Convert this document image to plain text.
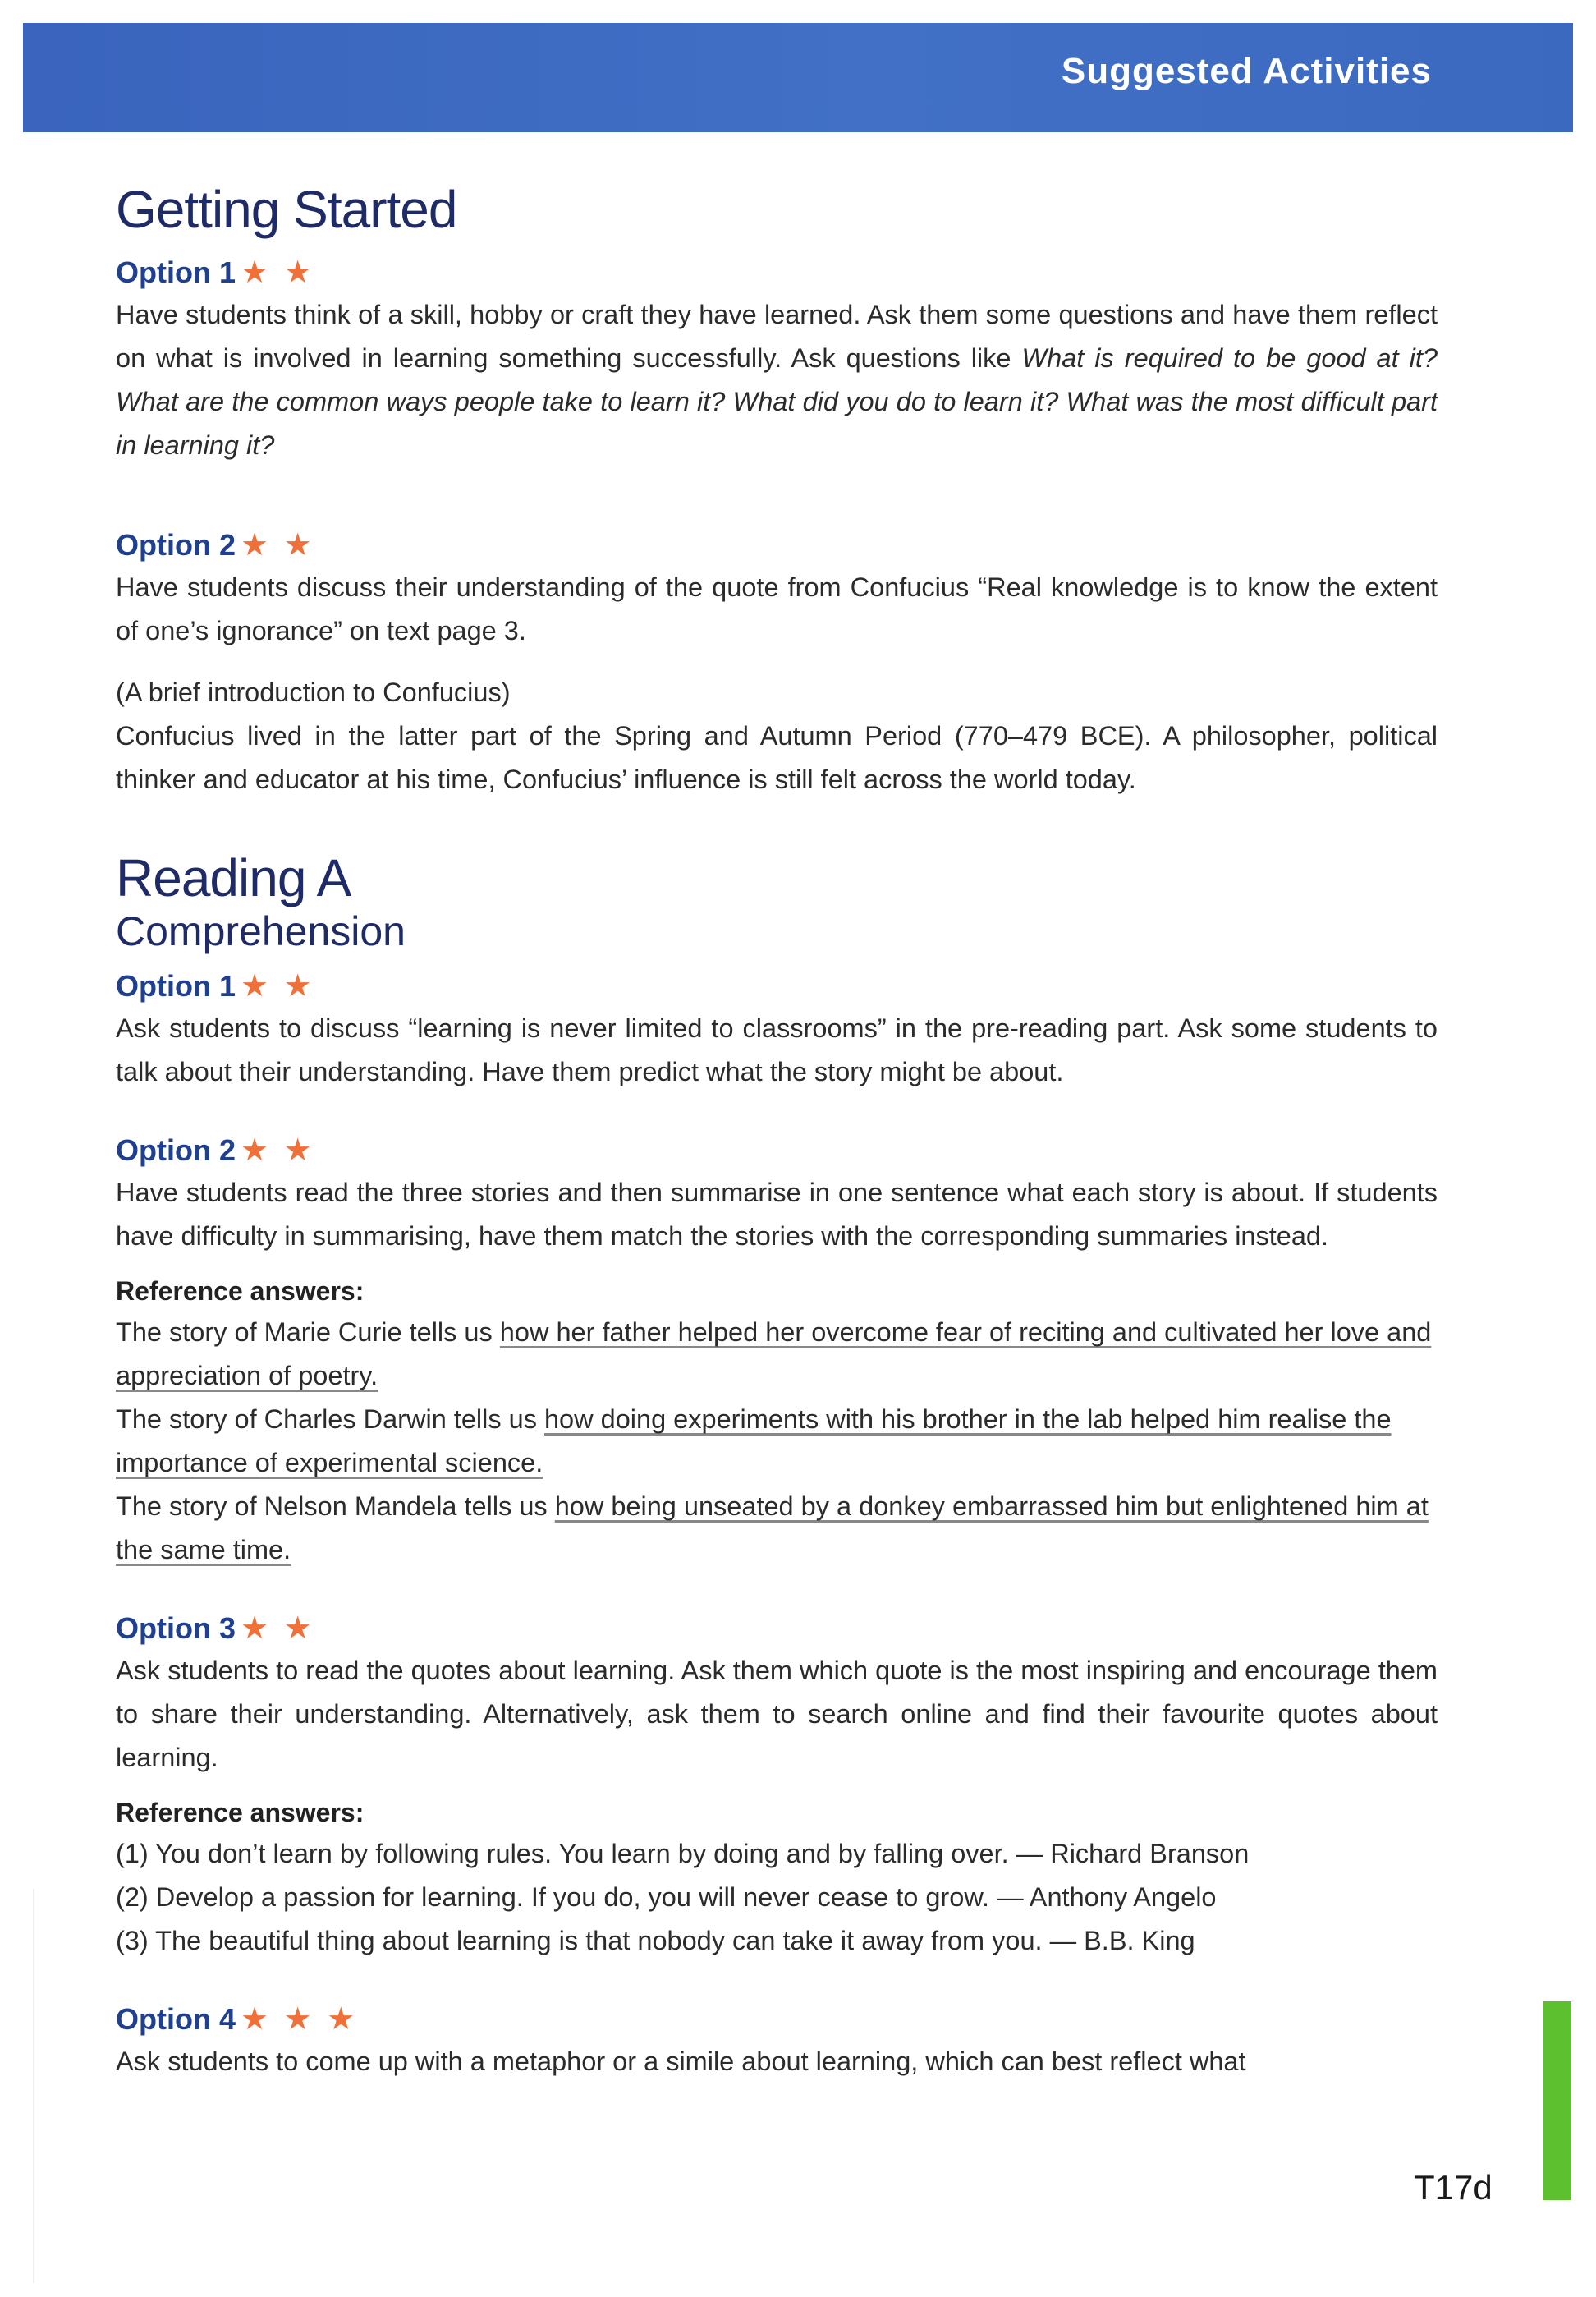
Suggested Activities
Getting Started
Option 1 ★ ★

Have students think of a skill, hobby or craft they have learned. Ask them some questions and have them reflect on what is involved in learning something successfully. Ask questions like What is required to be good at it? What are the common ways people take to learn it? What did you do to learn it? What was the most difficult part in learning it?

Option 2 ★ ★

Have students discuss their understanding of the quote from Confucius “Real knowledge is to know the extent of one’s ignorance” on text page 3.

(A brief introduction to Confucius)

Confucius lived in the latter part of the Spring and Autumn Period (770–479 BCE). A philosopher, political thinker and educator at his time, Confucius’ influence is still felt across the world today.

Reading A
Comprehension
Option 1 ★ ★

Ask students to discuss “learning is never limited to classrooms” in the pre-reading part. Ask some students to talk about their understanding. Have them predict what the story might be about.

Option 2 ★ ★

Have students read the three stories and then summarise in one sentence what each story is about. If students have difficulty in summarising, have them match the stories with the corresponding summaries instead.

Reference answers:

The story of Marie Curie tells us how her father helped her overcome fear of reciting and cultivated her love and appreciation of poetry.

The story of Charles Darwin tells us how doing experiments with his brother in the lab helped him realise the importance of experimental science.

The story of Nelson Mandela tells us how being unseated by a donkey embarrassed him but enlightened him at the same time.

Option 3 ★ ★

Ask students to read the quotes about learning. Ask them which quote is the most inspiring and encourage them to share their understanding. Alternatively, ask them to search online and find their favourite quotes about learning.

Reference answers:

(1) You don’t learn by following rules. You learn by doing and by falling over. — Richard Branson

(2) Develop a passion for learning. If you do, you will never cease to grow. — Anthony Angelo

(3) The beautiful thing about learning is that nobody can take it away from you. — B.B. King

Option 4 ★ ★ ★

Ask students to come up with a metaphor or a simile about learning, which can best reflect what

T17d
